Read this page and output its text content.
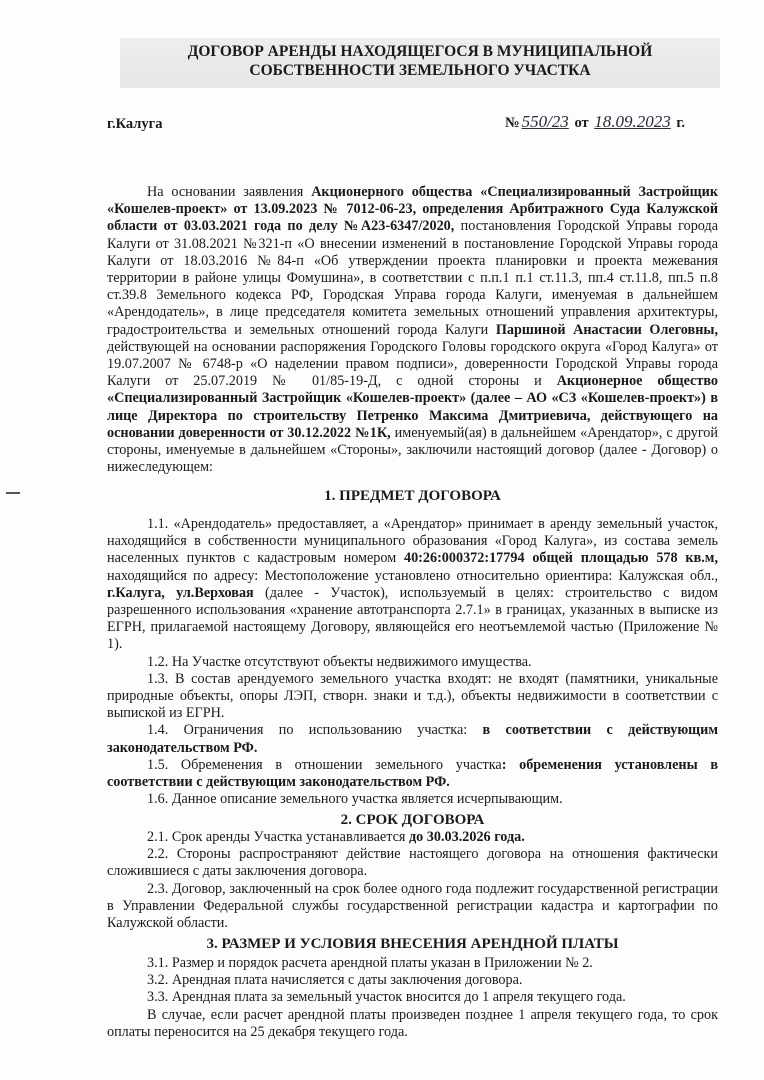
ДОГОВОР АРЕНДЫ НАХОДЯЩЕГОСЯ В МУНИЦИПАЛЬНОЙ
СОБСТВЕННОСТИ ЗЕМЕЛЬНОГО УЧАСТКА
г.Калуга	№ 550/23 от 18.09.2023 г.

На основании заявления Акционерного общества «Специализированный Застройщик «Кошелев-проект» от 13.09.2023 № 7012-06-23, определения Арбитражного Суда Калужской области от 03.03.2021 года по делу №А23-6347/2020, постановления Городской Управы города Калуги от 31.08.2021 №321-п «О внесении изменений в постановление Городской Управы города Калуги от 18.03.2016 №84-п «Об утверждении проекта планировки и проекта межевания территории в районе улицы Фомушина», в соответствии с п.п.1 п.1 ст.11.3, пп.4 ст.11.8, пп.5 п.8 ст.39.8 Земельного кодекса РФ, Городская Управа города Калуги, именуемая в дальнейшем «Арендодатель», в лице председателя комитета земельных отношений управления архитектуры, градостроительства и земельных отношений города Калуги Паршиной Анастасии Олеговны, действующей на основании распоряжения Городского Головы городского округа «Город Калуга» от 19.07.2007 № 6748-р «О наделении правом подписи», доверенности Городской Управы города Калуги от 25.07.2019 № 01/85-19-Д, с одной стороны и Акционерное общество «Специализированный Застройщик «Кошелев-проект» (далее – АО «СЗ «Кошелев-проект») в лице Директора по строительству Петренко Максима Дмитриевича, действующего на основании доверенности от 30.12.2022 №1К, именуемый(ая) в дальнейшем «Арендатор», с другой стороны, именуемые в дальнейшем «Стороны», заключили настоящий договор (далее - Договор) о нижеследующем:

1. ПРЕДМЕТ ДОГОВОРА

1.1. «Арендодатель» предоставляет, а «Арендатор» принимает в аренду земельный участок, находящийся в собственности муниципального образования «Город Калуга», из состава земель населенных пунктов с кадастровым номером 40:26:000372:17794 общей площадью 578 кв.м, находящийся по адресу: Местоположение установлено относительно ориентира: Калужская обл., г.Калуга, ул.Верховая (далее - Участок), используемый в целях: строительство с видом разрешенного использования «хранение автотранспорта 2.7.1» в границах, указанных в выписке из ЕГРН, прилагаемой настоящему Договору, являющейся его неотъемлемой частью (Приложение № 1).

1.2. На Участке отсутствуют объекты недвижимого имущества.

1.3. В состав арендуемого земельного участка входят: не входят (памятники, уникальные природные объекты, опоры ЛЭП, створн. знаки и т.д.), объекты недвижимости в соответствии с выпиской из ЕГРН.

1.4. Ограничения по использованию участка: в соответствии с действующим законодательством РФ.

1.5. Обременения в отношении земельного участка: обременения установлены в соответствии с действующим законодательством РФ.

1.6. Данное описание земельного участка является исчерпывающим.

2. СРОК ДОГОВОРА

2.1. Срок аренды Участка устанавливается до 30.03.2026 года.

2.2. Стороны распространяют действие настоящего договора на отношения фактически сложившиеся с даты заключения договора.

2.3. Договор, заключенный на срок более одного года подлежит государственной регистрации в Управлении Федеральной службы государственной регистрации кадастра и картографии по Калужской области.

3. РАЗМЕР И УСЛОВИЯ ВНЕСЕНИЯ АРЕНДНОЙ ПЛАТЫ

3.1. Размер и порядок расчета арендной платы указан в Приложении № 2.

3.2. Арендная плата начисляется с даты заключения договора.

3.3. Арендная плата за земельный участок вносится до 1 апреля текущего года.

В случае, если расчет арендной платы произведен позднее 1 апреля текущего года, то срок оплаты переносится на 25 декабря текущего года.
